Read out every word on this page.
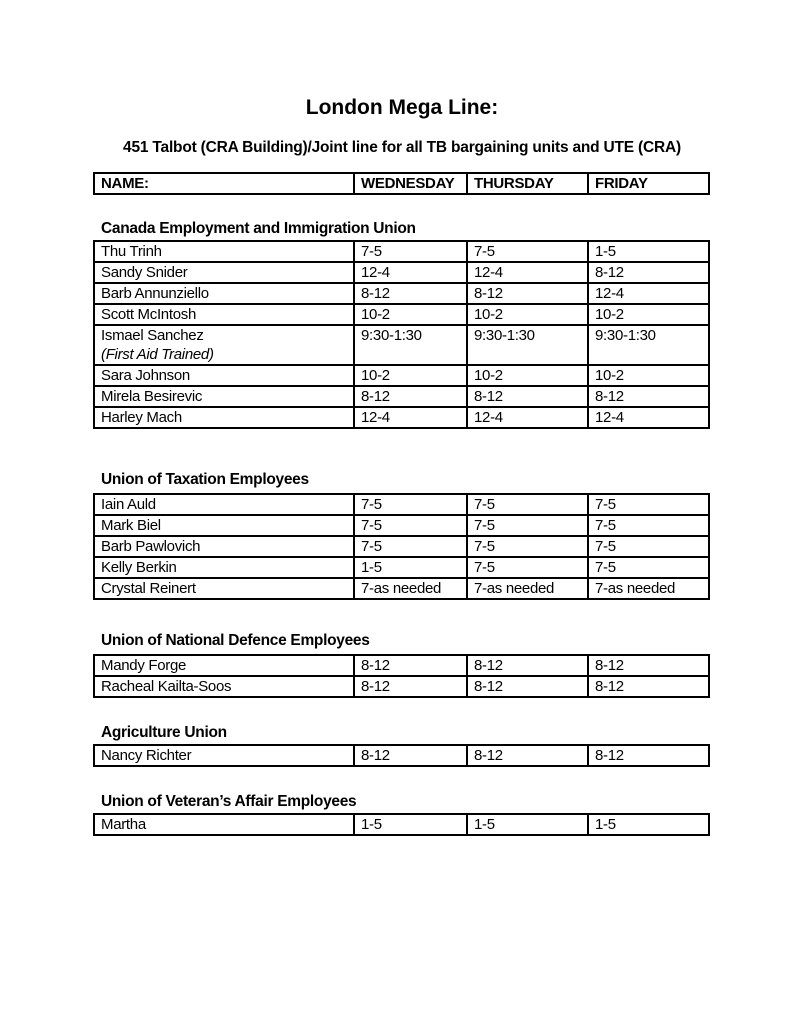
London Mega Line:
451 Talbot (CRA Building)/Joint line for all TB bargaining units and UTE (CRA)
NAME:	WEDNESDAY	THURSDAY	FRIDAY
Canada Employment and Immigration Union
Thu Trinh	7-5	7-5	1-5
Sandy Snider	12-4	12-4	8-12
Barb Annunziello	8-12	8-12	12-4
Scott McIntosh	10-2	10-2	10-2
Ismael Sanchez
(First Aid Trained)	9:30-1:30	9:30-1:30	9:30-1:30
Sara Johnson	10-2	10-2	10-2
Mirela Besirevic	8-12	8-12	8-12
Harley Mach	12-4	12-4	12-4
Union of Taxation Employees
Iain Auld	7-5	7-5	7-5
Mark Biel	7-5	7-5	7-5
Barb Pawlovich	7-5	7-5	7-5
Kelly Berkin	1-5	7-5	7-5
Crystal Reinert	7-as needed	7-as needed	7-as needed
Union of National Defence Employees
Mandy Forge	8-12	8-12	8-12
Racheal Kailta-Soos	8-12	8-12	8-12
Agriculture Union
Nancy Richter	8-12	8-12	8-12
Union of Veteran’s Affair Employees
Martha	1-5	1-5	1-5
